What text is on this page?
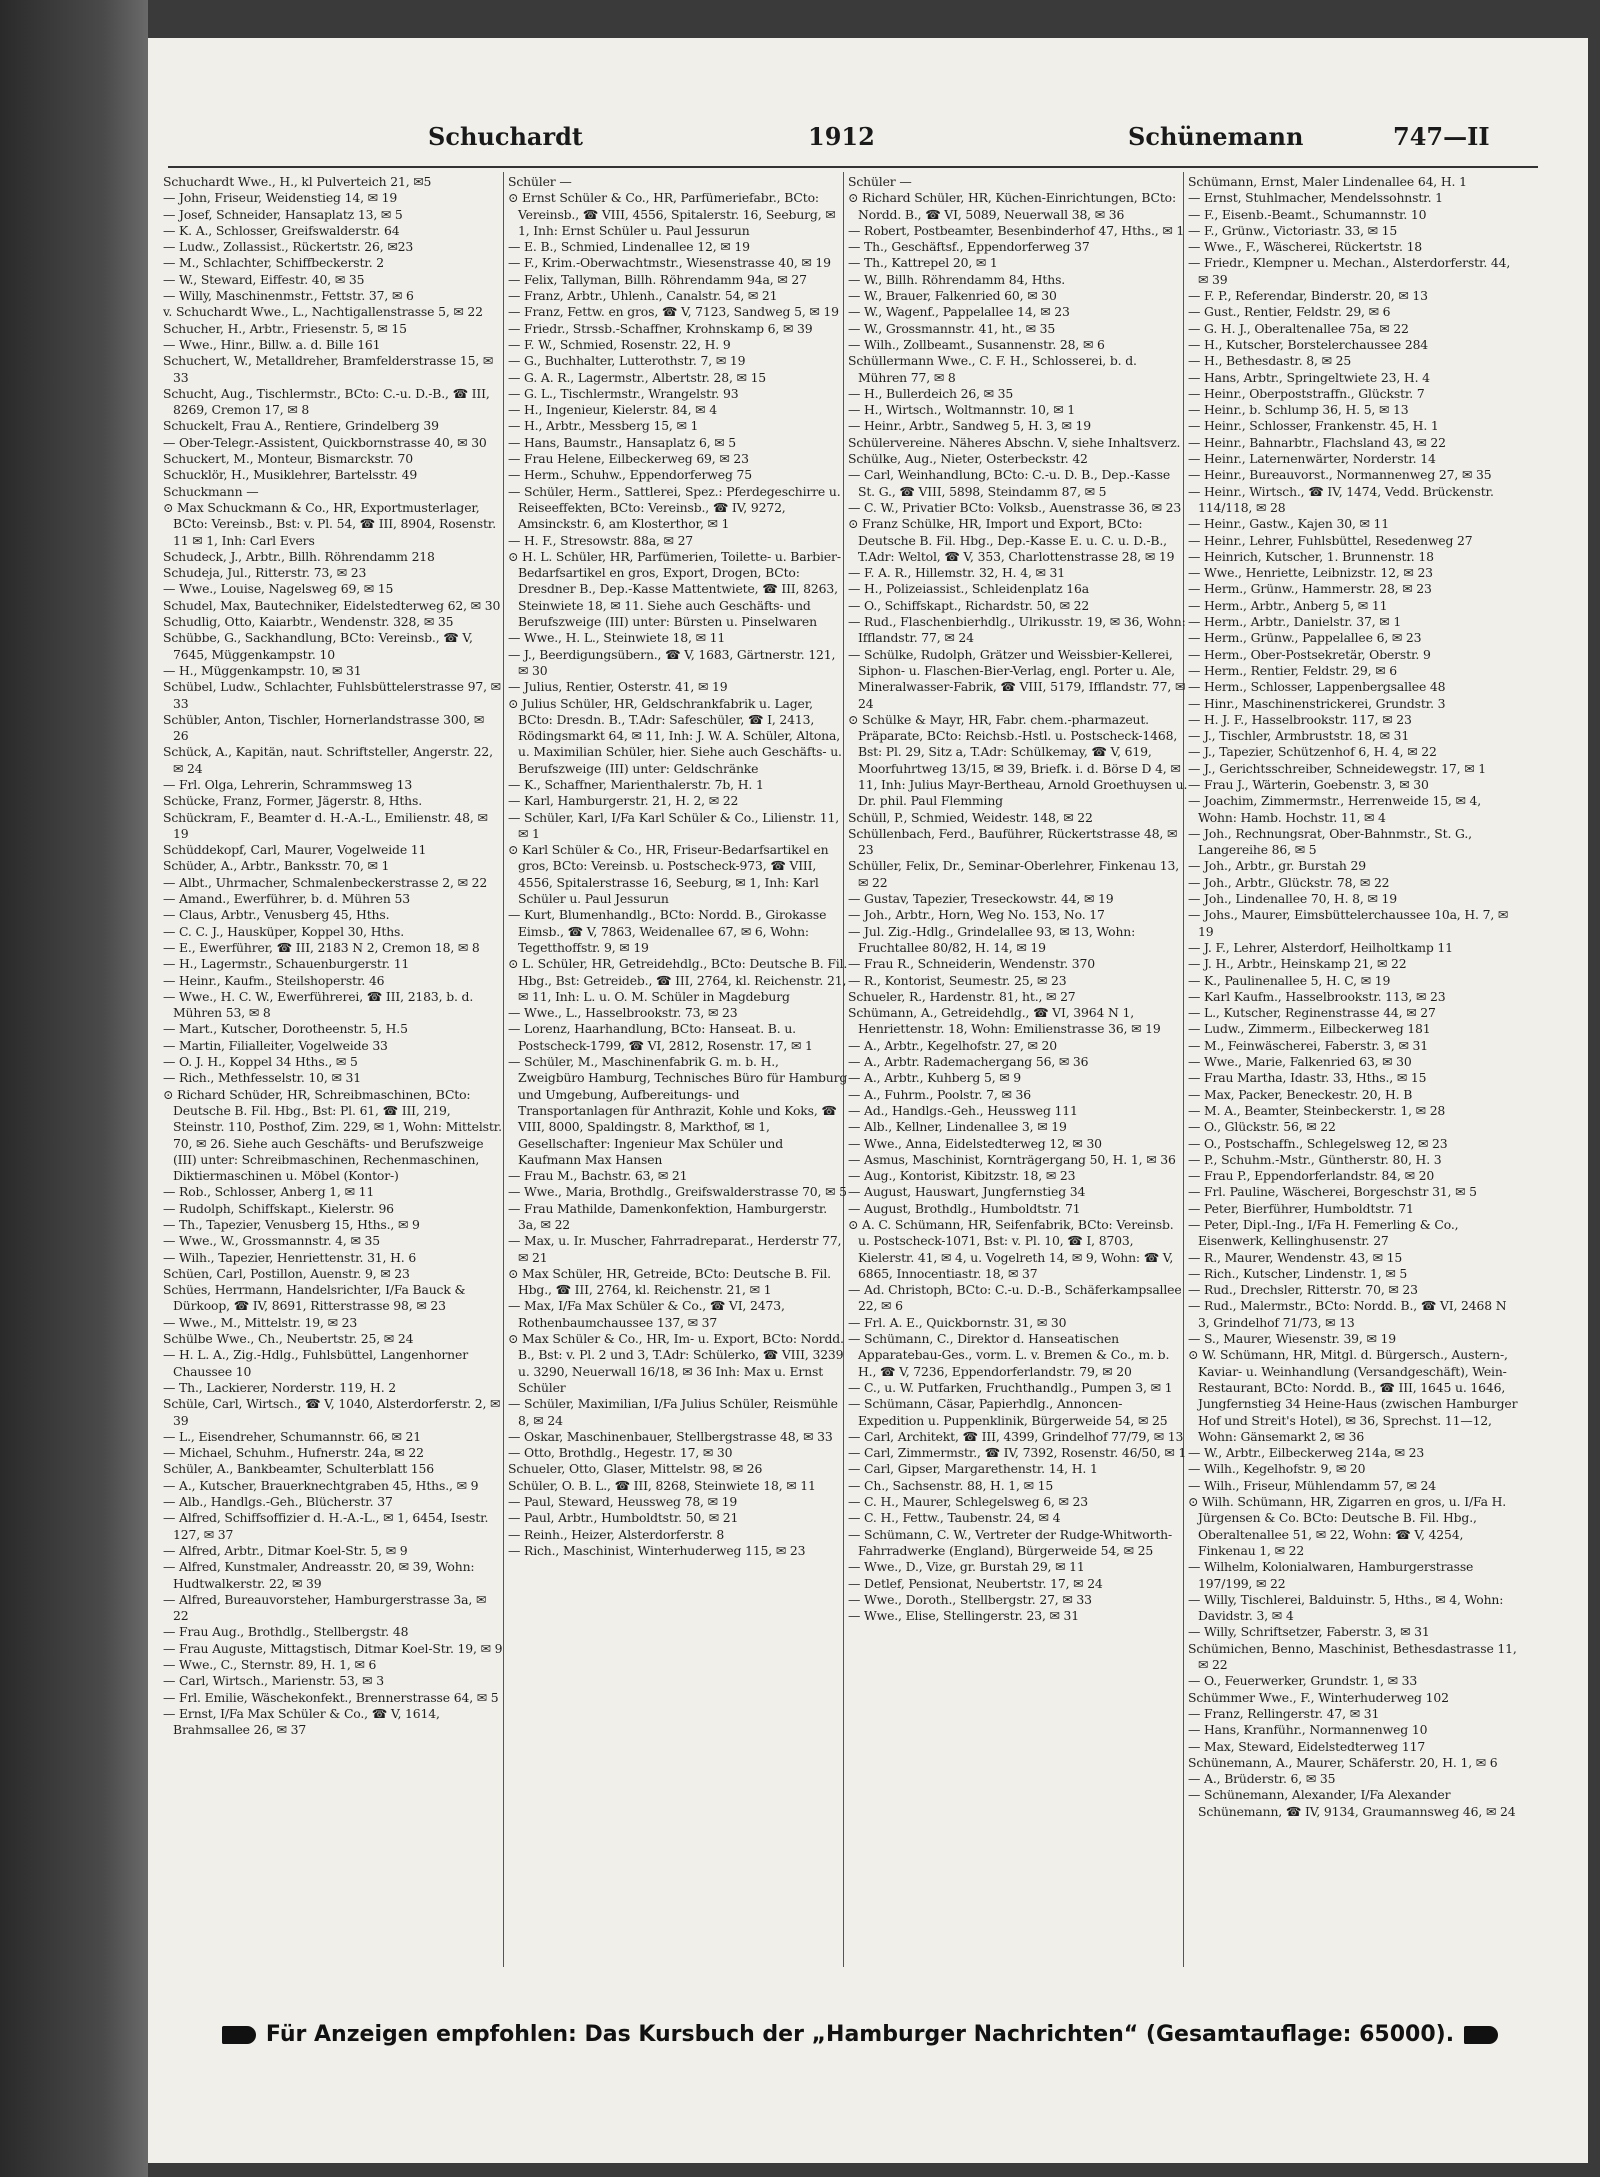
Schuchardt	1912	Schünemann	747—II

Schuchardt Wwe., H., kl Pulverteich 21, ✉5

— John, Friseur, Weidenstieg 14, ✉ 19

— Josef, Schneider, Hansaplatz 13, ✉ 5

— K. A., Schlosser, Greifswalderstr. 64

— Ludw., Zollassist., Rückertstr. 26, ✉23

— M., Schlachter, Schiffbeckerstr. 2

— W., Steward, Eiffestr. 40, ✉ 35

— Willy, Maschinenmstr., Fettstr. 37, ✉ 6

v. Schuchardt Wwe., L., Nachtigallenstrasse 5, ✉ 22

Schucher, H., Arbtr., Friesenstr. 5, ✉ 15

— Wwe., Hinr., Billw. a. d. Bille 161

Schuchert, W., Metalldreher, Bramfelderstrasse 15, ✉ 33

Schucht, Aug., Tischlermstr., BCto: C.-u. D.-B., ☎ III, 8269, Cremon 17, ✉ 8

Schuckelt, Frau A., Rentiere, Grindelberg 39

— Ober-Telegr.-Assistent, Quickbornstrasse 40, ✉ 30

Schuckert, M., Monteur, Bismarckstr. 70

Schucklör, H., Musiklehrer, Bartelsstr. 49

Schuckmann —

⊙ Max Schuckmann & Co., HR, Exportmusterlager, BCto: Vereinsb., Bst: v. Pl. 54, ☎ III, 8904, Rosenstr. 11 ✉ 1, Inh: Carl Evers

Schudeck, J., Arbtr., Billh. Röhrendamm 218

Schudeja, Jul., Ritterstr. 73, ✉ 23

— Wwe., Louise, Nagelsweg 69, ✉ 15

Schudel, Max, Bautechniker, Eidelstedterweg 62, ✉ 30

Schudlig, Otto, Kaiarbtr., Wendenstr. 328, ✉ 35

Schübbe, G., Sackhandlung, BCto: Vereinsb., ☎ V, 7645, Müggenkampstr. 10

— H., Müggenkampstr. 10, ✉ 31

Schübel, Ludw., Schlachter, Fuhlsbüttelerstrasse 97, ✉ 33

Schübler, Anton, Tischler, Hornerlandstrasse 300, ✉ 26

Schück, A., Kapitän, naut. Schriftsteller, Angerstr. 22, ✉ 24

— Frl. Olga, Lehrerin, Schrammsweg 13

Schücke, Franz, Former, Jägerstr. 8, Hths.

Schückram, F., Beamter d. H.-A.-L., Emilienstr. 48, ✉ 19

Schüddekopf, Carl, Maurer, Vogelweide 11

Schüder, A., Arbtr., Banksstr. 70, ✉ 1

— Albt., Uhrmacher, Schmalenbeckerstrasse 2, ✉ 22

— Amand., Ewerführer, b. d. Mühren 53

— Claus, Arbtr., Venusberg 45, Hths.

— C. C. J., Hausküper, Koppel 30, Hths.

— E., Ewerführer, ☎ III, 2183 N 2, Cremon 18, ✉ 8

— H., Lagermstr., Schauenburgerstr. 11

— Heinr., Kaufm., Steilshoperstr. 46

— Wwe., H. C. W., Ewerführerei, ☎ III, 2183, b. d. Mühren 53, ✉ 8

— Mart., Kutscher, Dorotheenstr. 5, H.5

— Martin, Filialleiter, Vogelweide 33

— O. J. H., Koppel 34 Hths., ✉ 5

— Rich., Methfesselstr. 10, ✉ 31

⊙ Richard Schüder, HR, Schreibmaschinen, BCto: Deutsche B. Fil. Hbg., Bst: Pl. 61, ☎ III, 219, Steinstr. 110, Posthof, Zim. 229, ✉ 1, Wohn: Mittelstr. 70, ✉ 26. Siehe auch Geschäfts- und Berufszweige (III) unter: Schreibmaschinen, Rechenmaschinen, Diktiermaschinen u. Möbel (Kontor-)

— Rob., Schlosser, Anberg 1, ✉ 11

— Rudolph, Schiffskapt., Kielerstr. 96

— Th., Tapezier, Venusberg 15, Hths., ✉ 9

— Wwe., W., Grossmannstr. 4, ✉ 35

— Wilh., Tapezier, Henriettenstr. 31, H. 6

Schüen, Carl, Postillon, Auenstr. 9, ✉ 23

Schües, Herrmann, Handelsrichter, I/Fa Bauck & Dürkoop, ☎ IV, 8691, Ritterstrasse 98, ✉ 23

— Wwe., M., Mittelstr. 19, ✉ 23

Schülbe Wwe., Ch., Neubertstr. 25, ✉ 24

— H. L. A., Zig.-Hdlg., Fuhlsbüttel, Langenhorner Chaussee 10

— Th., Lackierer, Norderstr. 119, H. 2

Schüle, Carl, Wirtsch., ☎ V, 1040, Alsterdorferstr. 2, ✉ 39

— L., Eisendreher, Schumannstr. 66, ✉ 21

— Michael, Schuhm., Hufnerstr. 24a, ✉ 22

Schüler, A., Bankbeamter, Schulterblatt 156

— A., Kutscher, Brauerknechtgraben 45, Hths., ✉ 9

— Alb., Handlgs.-Geh., Blücherstr. 37

— Alfred, Schiffsoffizier d. H.-A.-L., ✉ 1, 6454, Isestr. 127, ✉ 37

— Alfred, Arbtr., Ditmar Koel-Str. 5, ✉ 9

— Alfred, Kunstmaler, Andreasstr. 20, ✉ 39, Wohn: Hudtwalkerstr. 22, ✉ 39

— Alfred, Bureauvorsteher, Hamburgerstrasse 3a, ✉ 22

— Frau Aug., Brothdlg., Stellbergstr. 48

— Frau Auguste, Mittagstisch, Ditmar Koel-Str. 19, ✉ 9

— Wwe., C., Sternstr. 89, H. 1, ✉ 6

— Carl, Wirtsch., Marienstr. 53, ✉ 3

— Frl. Emilie, Wäschekonfekt., Brennerstrasse 64, ✉ 5

— Ernst, I/Fa Max Schüler & Co., ☎ V, 1614, Brahmsallee 26, ✉ 37

Schüler —

⊙ Ernst Schüler & Co., HR, Parfümeriefabr., BCto: Vereinsb., ☎ VIII, 4556, Spitalerstr. 16, Seeburg, ✉ 1, Inh: Ernst Schüler u. Paul Jessurun

— E. B., Schmied, Lindenallee 12, ✉ 19

— F., Krim.-Oberwachtmstr., Wiesenstrasse 40, ✉ 19

— Felix, Tallyman, Billh. Röhrendamm 94a, ✉ 27

— Franz, Arbtr., Uhlenh., Canalstr. 54, ✉ 21

— Franz, Fettw. en gros, ☎ V, 7123, Sandweg 5, ✉ 19

— Friedr., Strssb.-Schaffner, Krohnskamp 6, ✉ 39

— F. W., Schmied, Rosenstr. 22, H. 9

— G., Buchhalter, Lutterothstr. 7, ✉ 19

— G. A. R., Lagermstr., Albertstr. 28, ✉ 15

— G. L., Tischlermstr., Wrangelstr. 93

— H., Ingenieur, Kielerstr. 84, ✉ 4

— H., Arbtr., Messberg 15, ✉ 1

— Hans, Baumstr., Hansaplatz 6, ✉ 5

— Frau Helene, Eilbeckerweg 69, ✉ 23

— Herm., Schuhw., Eppendorferweg 75

— Schüler, Herm., Sattlerei, Spez.: Pferdegeschirre u. Reiseeffekten, BCto: Vereinsb., ☎ IV, 9272, Amsinckstr. 6, am Klosterthor, ✉ 1

— H. F., Stresowstr. 88a, ✉ 27

⊙ H. L. Schüler, HR, Parfümerien, Toilette- u. Barbier-Bedarfsartikel en gros, Export, Drogen, BCto: Dresdner B., Dep.-Kasse Mattentwiete, ☎ III, 8263, Steinwiete 18, ✉ 11. Siehe auch Geschäfts- und Berufszweige (III) unter: Bürsten u. Pinselwaren

— Wwe., H. L., Steinwiete 18, ✉ 11

— J., Beerdigungsübern., ☎ V, 1683, Gärtnerstr. 121, ✉ 30

— Julius, Rentier, Osterstr. 41, ✉ 19

⊙ Julius Schüler, HR, Geldschrankfabrik u. Lager, BCto: Dresdn. B., T.Adr: Safeschüler, ☎ I, 2413, Rödingsmarkt 64, ✉ 11, Inh: J. W. A. Schüler, Altona, u. Maximilian Schüler, hier. Siehe auch Geschäfts- u. Berufszweige (III) unter: Geldschränke

— K., Schaffner, Marienthalerstr. 7b, H. 1

— Karl, Hamburgerstr. 21, H. 2, ✉ 22

— Schüler, Karl, I/Fa Karl Schüler & Co., Lilienstr. 11, ✉ 1

⊙ Karl Schüler & Co., HR, Friseur-Bedarfsartikel en gros, BCto: Vereinsb. u. Postscheck-973, ☎ VIII, 4556, Spitalerstrasse 16, Seeburg, ✉ 1, Inh: Karl Schüler u. Paul Jessurun

— Kurt, Blumenhandlg., BCto: Nordd. B., Girokasse Eimsb., ☎ V, 7863, Weidenallee 67, ✉ 6, Wohn: Tegetthoffstr. 9, ✉ 19

⊙ L. Schüler, HR, Getreidehdlg., BCto: Deutsche B. Fil. Hbg., Bst: Getreideb., ☎ III, 2764, kl. Reichenstr. 21, ✉ 11, Inh: L. u. O. M. Schüler in Magdeburg

— Wwe., L., Hasselbrookstr. 73, ✉ 23

— Lorenz, Haarhandlung, BCto: Hanseat. B. u. Postscheck-1799, ☎ VI, 2812, Rosenstr. 17, ✉ 1

— Schüler, M., Maschinenfabrik G. m. b. H., Zweigbüro Hamburg, Technisches Büro für Hamburg und Umgebung, Aufbereitungs- und Transportanlagen für Anthrazit, Kohle und Koks, ☎ VIII, 8000, Spaldingstr. 8, Markthof, ✉ 1, Gesellschafter: Ingenieur Max Schüler und Kaufmann Max Hansen

— Frau M., Bachstr. 63, ✉ 21

— Wwe., Maria, Brothdlg., Greifswalderstrasse 70, ✉ 5

— Frau Mathilde, Damenkonfektion, Hamburgerstr. 3a, ✉ 22

— Max, u. Ir. Muscher, Fahrradreparat., Herderstr 77, ✉ 21

⊙ Max Schüler, HR, Getreide, BCto: Deutsche B. Fil. Hbg., ☎ III, 2764, kl. Reichenstr. 21, ✉ 1

— Max, I/Fa Max Schüler & Co., ☎ VI, 2473, Rothenbaumchaussee 137, ✉ 37

⊙ Max Schüler & Co., HR, Im- u. Export, BCto: Nordd. B., Bst: v. Pl. 2 und 3, T.Adr: Schülerko, ☎ VIII, 3239 u. 3290, Neuerwall 16/18, ✉ 36 Inh: Max u. Ernst Schüler

— Schüler, Maximilian, I/Fa Julius Schüler, Reismühle 8, ✉ 24

— Oskar, Maschinenbauer, Stellbergstrasse 48, ✉ 33

— Otto, Brothdlg., Hegestr. 17, ✉ 30

Schueler, Otto, Glaser, Mittelstr. 98, ✉ 26

Schüler, O. B. L., ☎ III, 8268, Steinwiete 18, ✉ 11

— Paul, Steward, Heussweg 78, ✉ 19

— Paul, Arbtr., Humboldtstr. 50, ✉ 21

— Reinh., Heizer, Alsterdorferstr. 8

— Rich., Maschinist, Winterhuderweg 115, ✉ 23

Schüler —

⊙ Richard Schüler, HR, Küchen-Einrichtungen, BCto: Nordd. B., ☎ VI, 5089, Neuerwall 38, ✉ 36

— Robert, Postbeamter, Besenbinderhof 47, Hths., ✉ 1

— Th., Geschäftsf., Eppendorferweg 37

— Th., Kattrepel 20, ✉ 1

— W., Billh. Röhrendamm 84, Hths.

— W., Brauer, Falkenried 60, ✉ 30

— W., Wagenf., Pappelallee 14, ✉ 23

— W., Grossmannstr. 41, ht., ✉ 35

— Wilh., Zollbeamt., Susannenstr. 28, ✉ 6

Schüllermann Wwe., C. F. H., Schlosserei, b. d. Mühren 77, ✉ 8

— H., Bullerdeich 26, ✉ 35

— H., Wirtsch., Woltmannstr. 10, ✉ 1

— Heinr., Arbtr., Sandweg 5, H. 3, ✉ 19

Schülervereine. Näheres Abschn. V, siehe Inhaltsverz.

Schülke, Aug., Nieter, Osterbeckstr. 42

— Carl, Weinhandlung, BCto: C.-u. D. B., Dep.-Kasse St. G., ☎ VIII, 5898, Steindamm 87, ✉ 5

— C. W., Privatier BCto: Volksb., Auenstrasse 36, ✉ 23

⊙ Franz Schülke, HR, Import und Export, BCto: Deutsche B. Fil. Hbg., Dep.-Kasse E. u. C. u. D.-B., T.Adr: Weltol, ☎ V, 353, Charlottenstrasse 28, ✉ 19

— F. A. R., Hillemstr. 32, H. 4, ✉ 31

— H., Polizeiassist., Schleidenplatz 16a

— O., Schiffskapt., Richardstr. 50, ✉ 22

— Rud., Flaschenbierhdlg., Ulrikusstr. 19, ✉ 36, Wohn: Ifflandstr. 77, ✉ 24

— Schülke, Rudolph, Grätzer und Weissbier-Kellerei, Siphon- u. Flaschen-Bier-Verlag, engl. Porter u. Ale, Mineralwasser-Fabrik, ☎ VIII, 5179, Ifflandstr. 77, ✉ 24

⊙ Schülke & Mayr, HR, Fabr. chem.-pharmazeut. Präparate, BCto: Reichsb.-Hstl. u. Postscheck-1468, Bst: Pl. 29, Sitz a, T.Adr: Schülkemay, ☎ V, 619, Moorfuhrtweg 13/15, ✉ 39, Briefk. i. d. Börse D 4, ✉ 11, Inh: Julius Mayr-Bertheau, Arnold Groethuysen u. Dr. phil. Paul Flemming

Schüll, P., Schmied, Weidestr. 148, ✉ 22

Schüllenbach, Ferd., Bauführer, Rückertstrasse 48, ✉ 23

Schüller, Felix, Dr., Seminar-Oberlehrer, Finkenau 13, ✉ 22

— Gustav, Tapezier, Treseckowstr. 44, ✉ 19

— Joh., Arbtr., Horn, Weg No. 153, No. 17

— Jul. Zig.-Hdlg., Grindelallee 93, ✉ 13, Wohn: Fruchtallee 80/82, H. 14, ✉ 19

— Frau R., Schneiderin, Wendenstr. 370

— R., Kontorist, Seumestr. 25, ✉ 23

Schueler, R., Hardenstr. 81, ht., ✉ 27

Schümann, A., Getreidehdlg., ☎ VI, 3964 N 1, Henriettenstr. 18, Wohn: Emilienstrasse 36, ✉ 19

— A., Arbtr., Kegelhofstr. 27, ✉ 20

— A., Arbtr. Rademachergang 56, ✉ 36

— A., Arbtr., Kuhberg 5, ✉ 9

— A., Fuhrm., Poolstr. 7, ✉ 36

— Ad., Handlgs.-Geh., Heussweg 111

— Alb., Kellner, Lindenallee 3, ✉ 19

— Wwe., Anna, Eidelstedterweg 12, ✉ 30

— Asmus, Maschinist, Kornträgergang 50, H. 1, ✉ 36

— Aug., Kontorist, Kibitzstr. 18, ✉ 23

— August, Hauswart, Jungfernstieg 34

— August, Brothdlg., Humboldtstr. 71

⊙ A. C. Schümann, HR, Seifenfabrik, BCto: Vereinsb. u. Postscheck-1071, Bst: v. Pl. 10, ☎ I, 8703, Kielerstr. 41, ✉ 4, u. Vogelreth 14, ✉ 9, Wohn: ☎ V, 6865, Innocentiastr. 18, ✉ 37

— Ad. Christoph, BCto: C.-u. D.-B., Schäferkampsallee 22, ✉ 6

— Frl. A. E., Quickbornstr. 31, ✉ 30

— Schümann, C., Direktor d. Hanseatischen Apparatebau-Ges., vorm. L. v. Bremen & Co., m. b. H., ☎ V, 7236, Eppendorferlandstr. 79, ✉ 20

— C., u. W. Putfarken, Fruchthandlg., Pumpen 3, ✉ 1

— Schümann, Cäsar, Papierhdlg., Annoncen-Expedition u. Puppenklinik, Bürgerweide 54, ✉ 25

— Carl, Architekt, ☎ III, 4399, Grindelhof 77/79, ✉ 13

— Carl, Zimmermstr., ☎ IV, 7392, Rosenstr. 46/50, ✉ 1

— Carl, Gipser, Margarethenstr. 14, H. 1

— Ch., Sachsenstr. 88, H. 1, ✉ 15

— C. H., Maurer, Schlegelsweg 6, ✉ 23

— C. H., Fettw., Taubenstr. 24, ✉ 4

— Schümann, C. W., Vertreter der Rudge-Whitworth-Fahrradwerke (England), Bürgerweide 54, ✉ 25

— Wwe., D., Vize, gr. Burstah 29, ✉ 11

— Detlef, Pensionat, Neubertstr. 17, ✉ 24

— Wwe., Doroth., Stellbergstr. 27, ✉ 33

— Wwe., Elise, Stellingerstr. 23, ✉ 31

Schümann, Ernst, Maler Lindenallee 64, H. 1

— Ernst, Stuhlmacher, Mendelssohnstr. 1

— F., Eisenb.-Beamt., Schumannstr. 10

— F., Grünw., Victoriastr. 33, ✉ 15

— Wwe., F., Wäscherei, Rückertstr. 18

— Friedr., Klempner u. Mechan., Alsterdorferstr. 44, ✉ 39

— F. P., Referendar, Binderstr. 20, ✉ 13

— Gust., Rentier, Feldstr. 29, ✉ 6

— G. H. J., Oberaltenallee 75a, ✉ 22

— H., Kutscher, Borstelerchaussee 284

— H., Bethesdastr. 8, ✉ 25

— Hans, Arbtr., Springeltwiete 23, H. 4

— Heinr., Oberpoststraffn., Glückstr. 7

— Heinr., b. Schlump 36, H. 5, ✉ 13

— Heinr., Schlosser, Frankenstr. 45, H. 1

— Heinr., Bahnarbtr., Flachsland 43, ✉ 22

— Heinr., Laternenwärter, Norderstr. 14

— Heinr., Bureauvorst., Normannenweg 27, ✉ 35

— Heinr., Wirtsch., ☎ IV, 1474, Vedd. Brückenstr. 114/118, ✉ 28

— Heinr., Gastw., Kajen 30, ✉ 11

— Heinr., Lehrer, Fuhlsbüttel, Resedenweg 27

— Heinrich, Kutscher, 1. Brunnenstr. 18

— Wwe., Henriette, Leibnizstr. 12, ✉ 23

— Herm., Grünw., Hammerstr. 28, ✉ 23

— Herm., Arbtr., Anberg 5, ✉ 11

— Herm., Arbtr., Danielstr. 37, ✉ 1

— Herm., Grünw., Pappelallee 6, ✉ 23

— Herm., Ober-Postsekretär, Oberstr. 9

— Herm., Rentier, Feldstr. 29, ✉ 6

— Herm., Schlosser, Lappenbergsallee 48

— Hinr., Maschinenstrickerei, Grundstr. 3

— H. J. F., Hasselbrookstr. 117, ✉ 23

— J., Tischler, Armbruststr. 18, ✉ 31

— J., Tapezier, Schützenhof 6, H. 4, ✉ 22

— J., Gerichtsschreiber, Schneidewegstr. 17, ✉ 1

— Frau J., Wärterin, Goebenstr. 3, ✉ 30

— Joachim, Zimmermstr., Herrenweide 15, ✉ 4, Wohn: Hamb. Hochstr. 11, ✉ 4

— Joh., Rechnungsrat, Ober-Bahnmstr., St. G., Langereihe 86, ✉ 5

— Joh., Arbtr., gr. Burstah 29

— Joh., Arbtr., Glückstr. 78, ✉ 22

— Joh., Lindenallee 70, H. 8, ✉ 19

— Johs., Maurer, Eimsbüttelerchaussee 10a, H. 7, ✉ 19

— J. F., Lehrer, Alsterdorf, Heilholtkamp 11

— J. H., Arbtr., Heinskamp 21, ✉ 22

— K., Paulinenallee 5, H. C, ✉ 19

— Karl Kaufm., Hasselbrookstr. 113, ✉ 23

— L., Kutscher, Reginenstrasse 44, ✉ 27

— Ludw., Zimmerm., Eilbeckerweg 181

— M., Feinwäscherei, Faberstr. 3, ✉ 31

— Wwe., Marie, Falkenried 63, ✉ 30

— Frau Martha, Idastr. 33, Hths., ✉ 15

— Max, Packer, Beneckestr. 20, H. B

— M. A., Beamter, Steinbeckerstr. 1, ✉ 28

— O., Glückstr. 56, ✉ 22

— O., Postschaffn., Schlegelsweg 12, ✉ 23

— P., Schuhm.-Mstr., Güntherstr. 80, H. 3

— Frau P., Eppendorferlandstr. 84, ✉ 20

— Frl. Pauline, Wäscherei, Borgeschstr 31, ✉ 5

— Peter, Bierführer, Humboldtstr. 71

— Peter, Dipl.-Ing., I/Fa H. Femerling & Co., Eisenwerk, Kellinghusenstr. 27

— R., Maurer, Wendenstr. 43, ✉ 15

— Rich., Kutscher, Lindenstr. 1, ✉ 5

— Rud., Drechsler, Ritterstr. 70, ✉ 23

— Rud., Malermstr., BCto: Nordd. B., ☎ VI, 2468 N 3, Grindelhof 71/73, ✉ 13

— S., Maurer, Wiesenstr. 39, ✉ 19

⊙ W. Schümann, HR, Mitgl. d. Bürgersch., Austern-, Kaviar- u. Weinhandlung (Versandgeschäft), Wein-Restaurant, BCto: Nordd. B., ☎ III, 1645 u. 1646, Jungfernstieg 34 Heine-Haus (zwischen Hamburger Hof und Streit's Hotel), ✉ 36, Sprechst. 11—12, Wohn: Gänsemarkt 2, ✉ 36

— W., Arbtr., Eilbeckerweg 214a, ✉ 23

— Wilh., Kegelhofstr. 9, ✉ 20

— Wilh., Friseur, Mühlendamm 57, ✉ 24

⊙ Wilh. Schümann, HR, Zigarren en gros, u. I/Fa H. Jürgensen & Co. BCto: Deutsche B. Fil. Hbg., Oberaltenallee 51, ✉ 22, Wohn: ☎ V, 4254, Finkenau 1, ✉ 22

— Wilhelm, Kolonialwaren, Hamburgerstrasse 197/199, ✉ 22

— Willy, Tischlerei, Balduinstr. 5, Hths., ✉ 4, Wohn: Davidstr. 3, ✉ 4

— Willy, Schriftsetzer, Faberstr. 3, ✉ 31

Schümichen, Benno, Maschinist, Bethesdastrasse 11, ✉ 22

— O., Feuerwerker, Grundstr. 1, ✉ 33

Schümmer Wwe., F., Winterhuderweg 102

— Franz, Rellingerstr. 47, ✉ 31

— Hans, Kranführ., Normannenweg 10

— Max, Steward, Eidelstedterweg 117

Schünemann, A., Maurer, Schäferstr. 20, H. 1, ✉ 6

— A., Brüderstr. 6, ✉ 35

— Schünemann, Alexander, I/Fa Alexander Schünemann, ☎ IV, 9134, Graumannsweg 46, ✉ 24

Für Anzeigen empfohlen: Das Kursbuch der „Hamburger Nachrichten“ (Gesamtauflage: 65000).
